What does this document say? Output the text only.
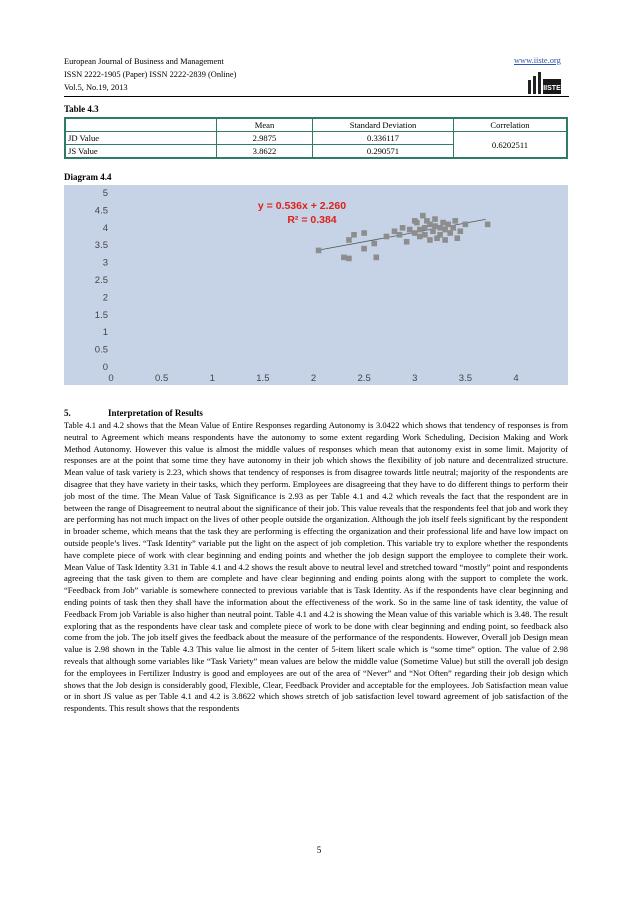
European Journal of Business and Management
ISSN 2222-1905 (Paper) ISSN 2222-2839 (Online)
Vol.5, No.19, 2013
www.iiste.org
IISTE
Table 4.3
	Mean	Standard Deviation	Correlation
JD Value	2.9875	0.336117	0.6202511
JS Value	3.8622	0.290571	
Diagram 4.4
0
0.5
1
1.5
2
2.5
3
3.5
4
4.5
5
0	0.5	1	1.5	2	2.5	3	3.5	4
y = 0.536x + 2.260
R² = 0.384
5.	Interpretation of Results
Table 4.1 and 4.2 shows that the Mean Value of Entire Responses regarding Autonomy is 3.0422 which shows that tendency of responses is from neutral to Agreement which means respondents have the autonomy to some extent regarding Work Scheduling, Decision Making and Work Method Autonomy. However this value is almost the middle values of responses which mean that autonomy exist in some limit. Majority of responses are at the point that some time they have autonomy in their job which shows the flexibility of job nature and decentralized structure. Mean value of task variety is 2.23, which shows that tendency of responses is from disagree towards little neutral; majority of the respondents are disagree that they have variety in their tasks, which they perform. Employees are disagreeing that they have to do different things to perform their job most of the time. The Mean Value of Task Significance is 2.93 as per Table 4.1 and 4.2 which reveals the fact that the respondent are in between the range of Disagreement to neutral about the significance of their job. This value reveals that the respondents feel that job and work they are performing has not much impact on the lives of other people outside the organization. Although the job itself feels significant by the respondent in broader scheme, which means that the task they are performing is effecting the organization and their professional life and have low impact on outside people’s lives. “Task Identity” variable put the light on the aspect of job completion. This variable try to explore whether the respondents have complete piece of work with clear beginning and ending points and whether the job design support the employee to complete their work. Mean Value of Task Identity 3.31 in Table 4.1 and 4.2 shows the result above to neutral level and stretched toward “mostly” point and respondents agreeing that the task given to them are complete and have clear beginning and ending points along with the support to complete the work. “Feedback from Job” variable is somewhere connected to previous variable that is Task Identity. As if the respondents have clear beginning and ending points of task then they shall have the information about the effectiveness of the work. So in the same line of task identity, the value of Feedback From job Variable is also higher than neutral point. Table 4.1 and 4.2 is showing the Mean value of this variable which is 3.48. The result exploring that as the respondents have clear task and complete piece of work to be done with clear beginning and ending point, so feedback also come from the job. The job itself gives the feedback about the measure of the performance of the respondents. However, Overall job Design mean value is 2.98 shown in the Table 4.3 This value lie almost in the center of 5-item likert scale which is “some time” option. The value of 2.98 reveals that although some variables like “Task Variety” mean values are below the middle value (Sometime Value) but still the overall job design for the employees in Fertilizer Industry is good and employees are out of the area of “Never” and “Not Often” regarding their job design which shows that the Job design is considerably good, Flexible, Clear, Feedback Provider and acceptable for the employees. Job Satisfaction mean value or in short JS value as per Table 4.1 and 4.2 is 3.8622 which shows stretch of job satisfaction level toward agreement of job satisfaction of the respondents. This result shows that the respondents
5
